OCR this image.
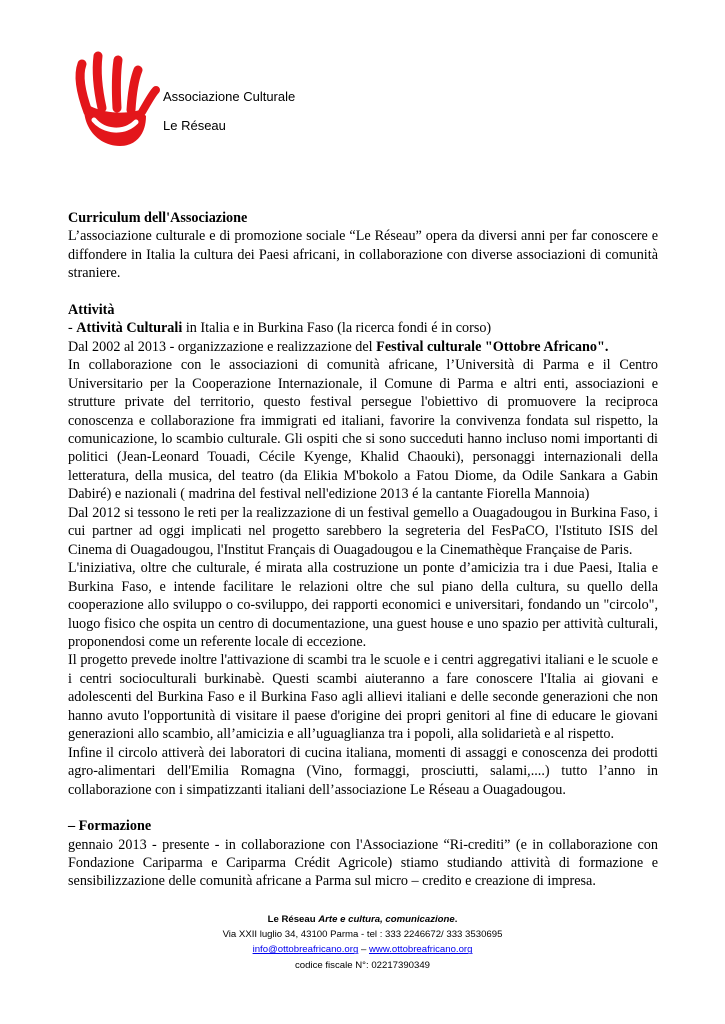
Associazione Culturale
Le Réseau
Curriculum dell'Associazione

L’associazione culturale e di promozione sociale “Le Réseau” opera da diversi anni per far conoscere e diffondere in Italia la cultura dei Paesi africani, in collaborazione con diverse associazioni di comunità straniere.

Attività

- Attività Culturali in Italia e in Burkina Faso (la ricerca fondi é in corso)

Dal 2002 al 2013 - organizzazione e realizzazione del Festival culturale "Ottobre Africano".

In collaborazione con le associazioni di comunità africane, l’Università di Parma e il Centro Universitario per la Cooperazione Internazionale, il Comune di Parma e altri enti, associazioni e strutture private del territorio, questo festival persegue l'obiettivo di promuovere la reciproca conoscenza e collaborazione fra immigrati ed italiani, favorire la convivenza fondata sul rispetto, la comunicazione, lo scambio culturale. Gli ospiti che si sono succeduti hanno incluso nomi importanti di politici (Jean-Leonard Touadi, Cécile Kyenge, Khalid Chaouki), personaggi internazionali della letteratura, della musica, del teatro (da Elikia M'bokolo a Fatou Diome, da Odile Sankara a Gabin Dabiré) e nazionali ( madrina del festival nell'edizione 2013 é la cantante Fiorella Mannoia)

Dal 2012 si tessono le reti per la realizzazione di un festival gemello a Ouagadougou in Burkina Faso, i cui partner ad oggi implicati nel progetto sarebbero la segreteria del FesPaCO, l'Istituto ISIS del Cinema di Ouagadougou, l'Institut Français di Ouagadougou e la Cinemathèque Française de Paris.

L'iniziativa, oltre che culturale, é mirata alla costruzione un ponte d’amicizia tra i due Paesi, Italia e Burkina Faso, e intende facilitare le relazioni oltre che sul piano della cultura, su quello della cooperazione allo sviluppo o co-sviluppo, dei rapporti economici e universitari, fondando un "circolo", luogo fisico che ospita un centro di documentazione, una guest house e uno spazio per attività culturali, proponendosi come un referente locale di eccezione.

Il progetto prevede inoltre l'attivazione di scambi tra le scuole e i centri aggregativi italiani e le scuole e i centri socioculturali burkinabè. Questi scambi aiuteranno a fare conoscere l'Italia ai giovani e adolescenti del Burkina Faso e il Burkina Faso agli allievi italiani e delle seconde generazioni che non hanno avuto l'opportunità di visitare il paese d'origine dei propri genitori al fine di educare le giovani generazioni allo scambio, all’amicizia e all’uguaglianza tra i popoli, alla solidarietà e al rispetto.

Infine il circolo attiverà dei laboratori di cucina italiana, momenti di assaggi e conoscenza dei prodotti agro-alimentari dell'Emilia Romagna (Vino, formaggi, prosciutti, salami,....) tutto l’anno in collaborazione con i simpatizzanti italiani dell’associazione Le Réseau a Ouagadougou.

– Formazione

gennaio 2013 - presente - in collaborazione con l'Associazione “Ri-crediti” (e in collaborazione con Fondazione Cariparma e Cariparma Crédit Agricole) stiamo studiando attività di formazione e sensibilizzazione delle comunità africane a Parma sul micro – credito e creazione di impresa.

Le Réseau Arte e cultura, comunicazione.
Via XXII luglio 34, 43100 Parma - tel : 333 2246672/ 333 3530695
info@ottobreafricano.org – www.ottobreafricano.org
codice fiscale N°: 02217390349
